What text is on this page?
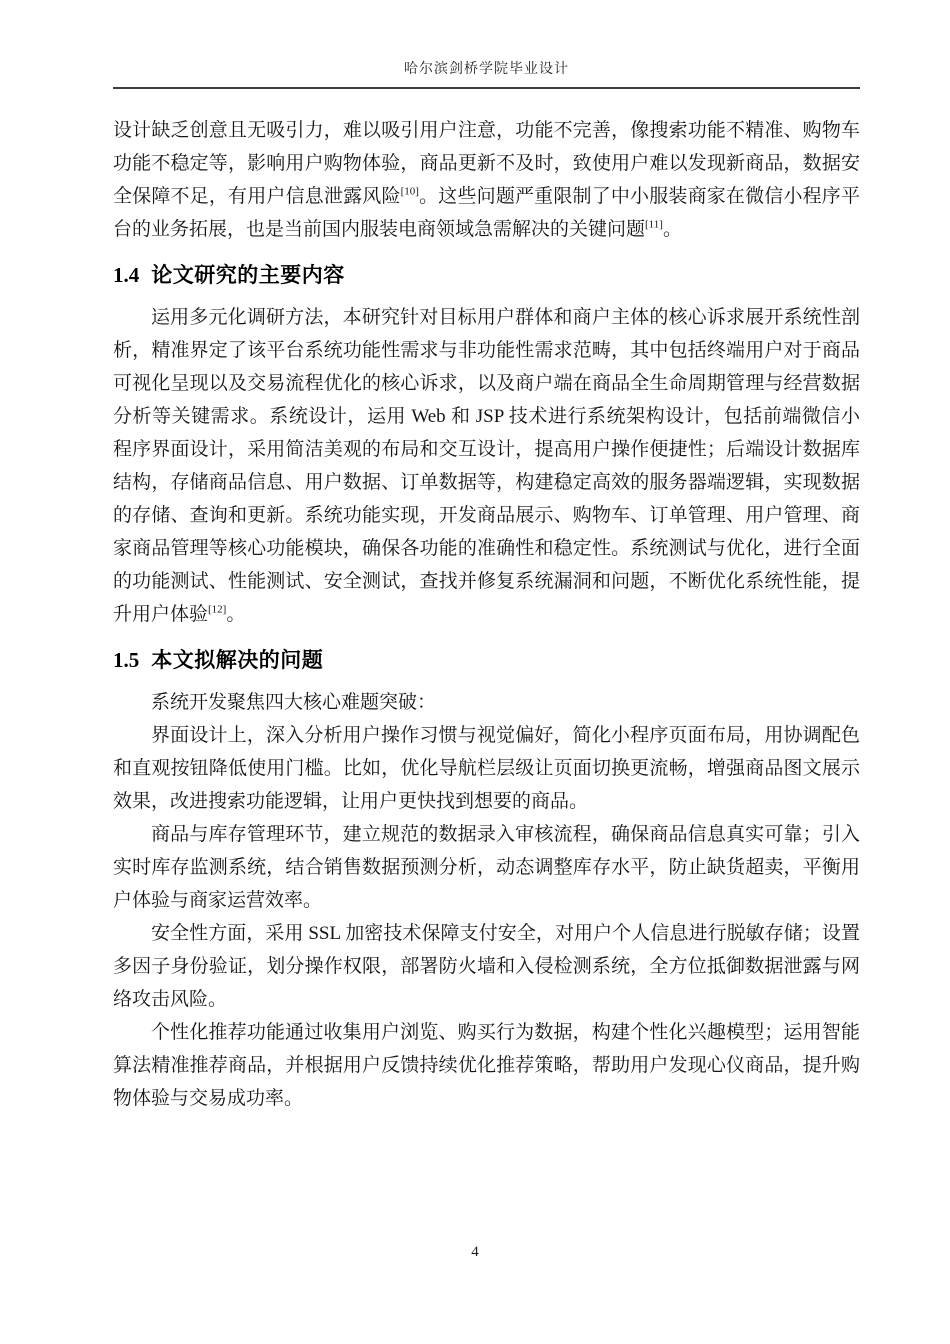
哈尔滨剑桥学院毕业设计

设计缺乏创意且无吸引力，难以吸引用户注意，功能不完善，像搜索功能不精准、购物车功能不稳定等，影响用户购物体验，商品更新不及时，致使用户难以发现新商品，数据安全保障不足，有用户信息泄露风险[10]。这些问题严重限制了中小服装商家在微信小程序平 台的业务拓展，也是当前国内服装电商领域急需解决的关键问题[11]。

1.4 论文研究的主要内容

运用多元化调研方法，本研究针对目标用户群体和商户主体的核心诉求展开系统性剖析，精准界定了该平台系统功能性需求与非功能性需求范畴，其中包括终端用户对于商品可视化呈现以及交易流程优化的核心诉求，以及商户端在商品全生命周期管理与经营数据分析等关键需求。系统设计，运用 Web 和 JSP 技术进行系统架构设计，包括前端微信小 程序界面设计，采用简洁美观的布局和交互设计，提高用户操作便捷性；后端设计数据库 结构，存储商品信息、用户数据、订单数据等，构建稳定高效的服务器端逻辑，实现数据 的存储、查询和更新。系统功能实现，开发商品展示、购物车、订单管理、用户管理、商 家商品管理等核心功能模块，确保各功能的准确性和稳定性。系统测试与优化，进行全面 的功能测试、性能测试、安全测试，查找并修复系统漏洞和问题，不断优化系统性能，提 升用户体验[12]。

1.5 本文拟解决的问题

系统开发聚焦四大核心难题突破：

界面设计上，深入分析用户操作习惯与视觉偏好，简化小程序页面布局，用协调配色和直观按钮降低使用门槛。比如，优化导航栏层级让页面切换更流畅，增强商品图文展示效果，改进搜索功能逻辑，让用户更快找到想要的商品。

商品与库存管理环节，建立规范的数据录入审核流程，确保商品信息真实可靠；引入实时库存监测系统，结合销售数据预测分析，动态调整库存水平，防止缺货超卖，平衡用户体验与商家运营效率。

安全性方面，采用 SSL 加密技术保障支付安全，对用户个人信息进行脱敏存储；设置多因子身份验证，划分操作权限，部署防火墙和入侵检测系统，全方位抵御数据泄露与网络攻击风险。

个性化推荐功能通过收集用户浏览、购买行为数据，构建个性化兴趣模型；运用智能算法精准推荐商品，并根据用户反馈持续优化推荐策略，帮助用户发现心仪商品，提升购物体验与交易成功率。

4
